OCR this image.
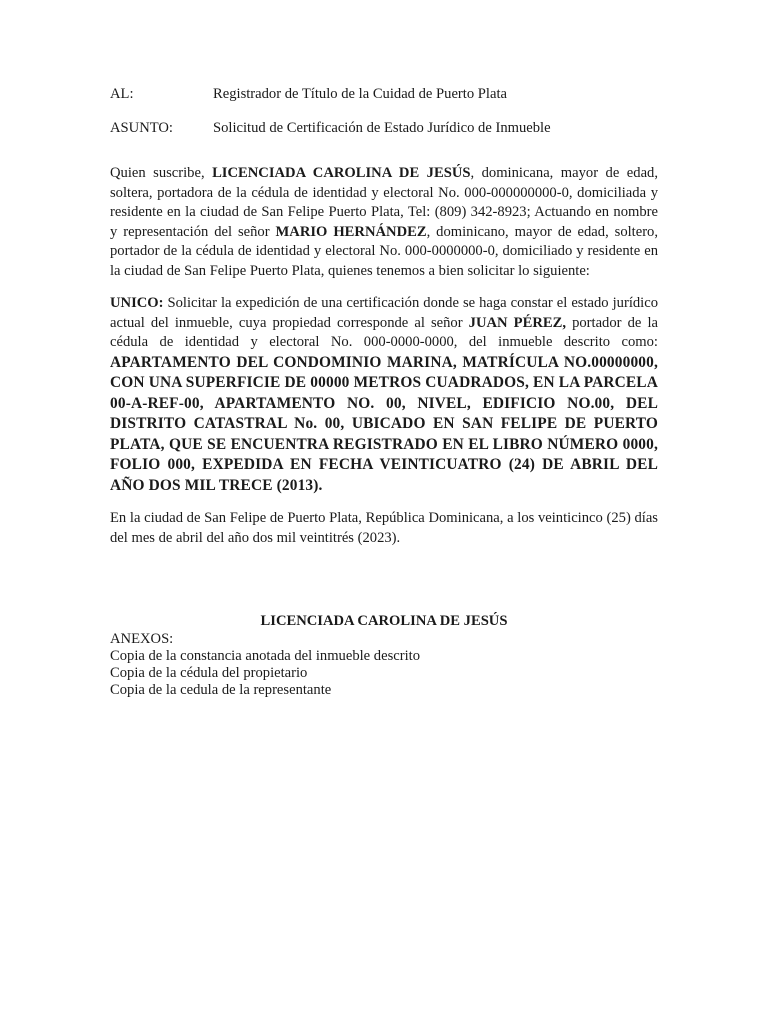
AL:	Registrador de Título de la Cuidad de Puerto Plata
ASUNTO:	Solicitud de Certificación de Estado Jurídico de Inmueble

Quien suscribe, LICENCIADA CAROLINA DE JESÚS, dominicana, mayor de edad, soltera, portadora de la cédula de identidad y electoral No. 000-000000000-0, domiciliada y residente en la ciudad de San Felipe Puerto Plata, Tel: (809) 342-8923; Actuando en nombre y representación del señor MARIO HERNÁNDEZ, dominicano, mayor de edad, soltero, portador de la cédula de identidad y electoral No. 000-0000000-0, domiciliado y residente en la ciudad de San Felipe Puerto Plata, quienes tenemos a bien solicitar lo siguiente:

UNICO: Solicitar la expedición de una certificación donde se haga constar el estado jurídico actual del inmueble, cuya propiedad corresponde al señor JUAN PÉREZ, portador de la cédula de identidad y electoral No. 000-0000-0000, del inmueble descrito como: APARTAMENTO DEL CONDOMINIO MARINA, MATRÍCULA NO.00000000, CON UNA SUPERFICIE DE 00000 METROS CUADRADOS, EN LA PARCELA 00-A-REF-00, APARTAMENTO NO. 00, NIVEL, EDIFICIO NO.00, DEL DISTRITO CATASTRAL No. 00, UBICADO EN SAN FELIPE DE PUERTO PLATA, QUE SE ENCUENTRA REGISTRADO EN EL LIBRO NÚMERO 0000, FOLIO 000, EXPEDIDA EN FECHA VEINTICUATRO (24) DE ABRIL DEL AÑO DOS MIL TRECE (2013).

En la ciudad de San Felipe de Puerto Plata, República Dominicana, a los veinticinco (25) días del mes de abril del año dos mil veintitrés (2023).

LICENCIADA CAROLINA DE JESÚS
ANEXOS:
Copia de la constancia anotada del inmueble descrito
Copia de la cédula del propietario
Copia de la cedula de la representante
